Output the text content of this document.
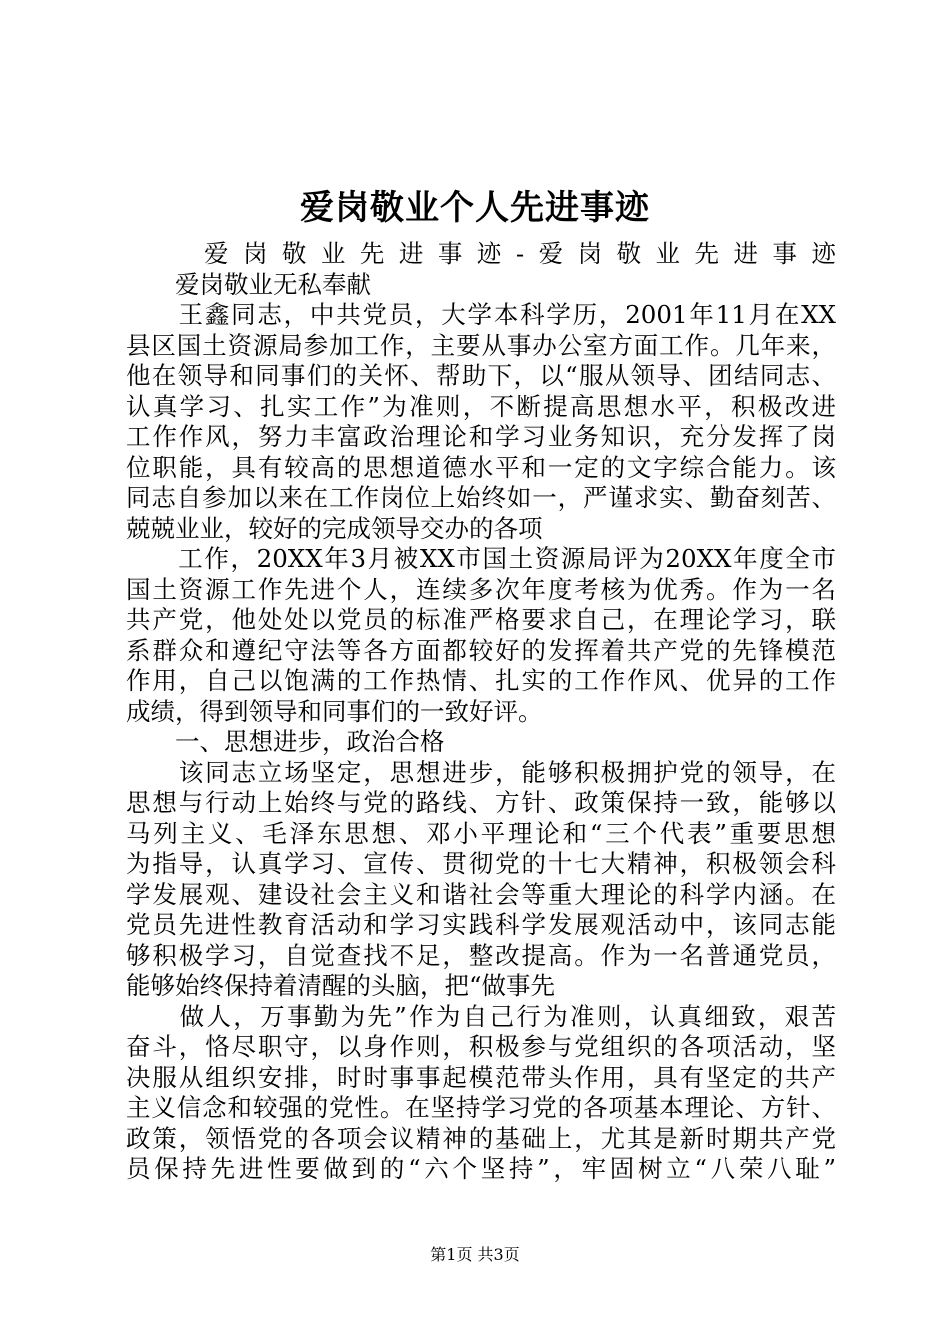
爱岗敬业个人先进事迹
　　爱岗敬业先进事迹-爱岗敬业先进事迹
　　爱岗敬业无私奉献
　　王鑫同志，中共党员，大学本科学历，2001年11月在XX
县区国土资源局参加工作，主要从事办公室方面工作。几年来，
他在领导和同事们的关怀、帮助下，以“服从领导、团结同志、
认真学习、扎实工作”为准则，不断提高思想水平，积极改进
工作作风，努力丰富政治理论和学习业务知识，充分发挥了岗
位职能，具有较高的思想道德水平和一定的文字综合能力。该
同志自参加以来在工作岗位上始终如一，严谨求实、勤奋刻苦、
兢兢业业，较好的完成领导交办的各项
　　工作，20XX年3月被XX市国土资源局评为20XX年度全市
国土资源工作先进个人，连续多次年度考核为优秀。作为一名
共产党，他处处以党员的标准严格要求自己，在理论学习，联
系群众和遵纪守法等各方面都较好的发挥着共产党的先锋模范
作用，自己以饱满的工作热情、扎实的工作作风、优异的工作
成绩，得到领导和同事们的一致好评。
　　一、思想进步，政治合格
　　该同志立场坚定，思想进步，能够积极拥护党的领导，在
思想与行动上始终与党的路线、方针、政策保持一致，能够以
马列主义、毛泽东思想、邓小平理论和“三个代表”重要思想
为指导，认真学习、宣传、贯彻党的十七大精神，积极领会科
学发展观、建设社会主义和谐社会等重大理论的科学内涵。在
党员先进性教育活动和学习实践科学发展观活动中，该同志能
够积极学习，自觉查找不足，整改提高。作为一名普通党员，
能够始终保持着清醒的头脑，把“做事先
　　做人，万事勤为先”作为自己行为准则，认真细致，艰苦
奋斗，恪尽职守，以身作则，积极参与党组织的各项活动，坚
决服从组织安排，时时事事起模范带头作用，具有坚定的共产
主义信念和较强的党性。在坚持学习党的各项基本理论、方针、
政策，领悟党的各项会议精神的基础上，尤其是新时期共产党
员保持先进性要做到的“六个坚持”，牢固树立“八荣八耻”
第1页 共3页
